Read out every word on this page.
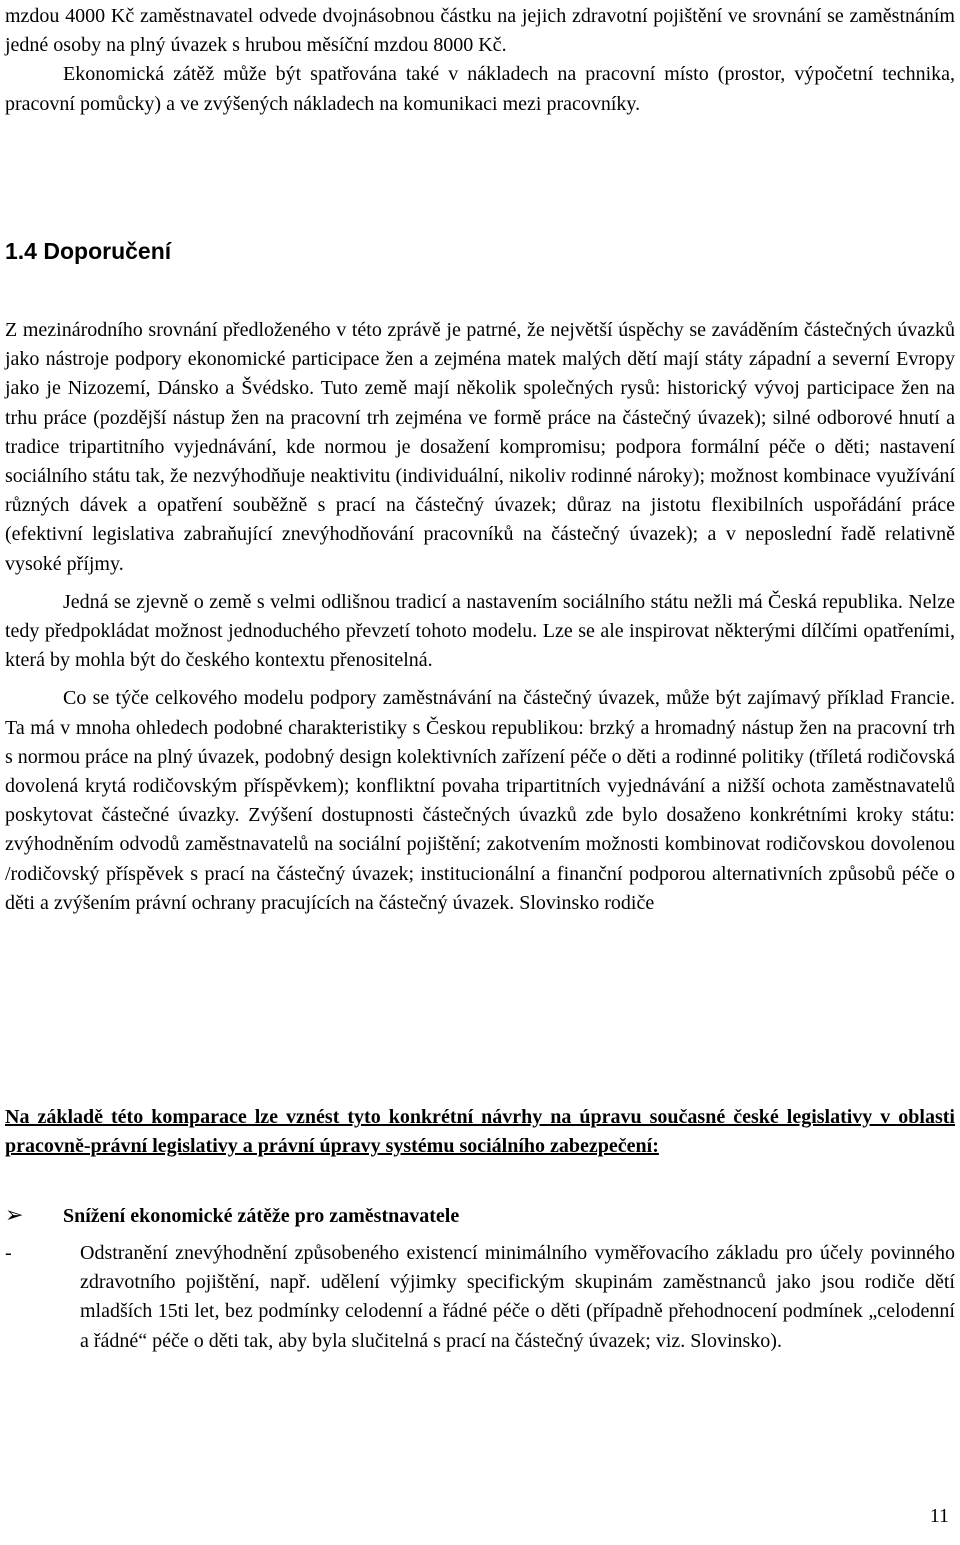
mzdou 4000 Kč zaměstnavatel odvede dvojnásobnou částku na jejich zdravotní pojištění ve srovnání se zaměstnáním jedné osoby na plný úvazek s hrubou měsíční mzdou 8000 Kč.

Ekonomická zátěž může být spatřována také v nákladech na pracovní místo (prostor, výpočetní technika, pracovní pomůcky) a ve zvýšených nákladech na komunikaci mezi pracovníky.

1.4 Doporučení

Z mezinárodního srovnání předloženého v této zprávě je patrné, že největší úspěchy se zaváděním částečných úvazků jako nástroje podpory ekonomické participace žen a zejména matek malých dětí mají státy západní a severní Evropy jako je Nizozemí, Dánsko a Švédsko. Tuto země mají několik společných rysů: historický vývoj participace žen na trhu práce (pozdější nástup žen na pracovní trh zejména ve formě práce na částečný úvazek); silné odborové hnutí a tradice tripartitního vyjednávání, kde normou je dosažení kompromisu; podpora formální péče o děti; nastavení sociálního státu tak, že nezvýhodňuje neaktivitu (individuální, nikoliv rodinné nároky); možnost kombinace využívání různých dávek a opatření souběžně s prací na částečný úvazek; důraz na jistotu flexibilních uspořádání práce (efektivní legislativa zabraňující znevýhodňování pracovníků na částečný úvazek); a v neposlední řadě relativně vysoké příjmy.

Jedná se zjevně o země s velmi odlišnou tradicí a nastavením sociálního státu nežli má Česká republika. Nelze tedy předpokládat možnost jednoduchého převzetí tohoto modelu. Lze se ale inspirovat některými dílčími opatřeními, která by mohla být do českého kontextu přenositelná.

Co se týče celkového modelu podpory zaměstnávání na částečný úvazek, může být zajímavý příklad Francie. Ta má v mnoha ohledech podobné charakteristiky s Českou republikou: brzký a hromadný nástup žen na pracovní trh s normou práce na plný úvazek, podobný design kolektivních zařízení péče o děti a rodinné politiky (tříletá rodičovská dovolená krytá rodičovským příspěvkem); konfliktní povaha tripartitních vyjednávání a nižší ochota zaměstnavatelů poskytovat částečné úvazky. Zvýšení dostupnosti částečných úvazků zde bylo dosaženo konkrétními kroky státu: zvýhodněním odvodů zaměstnavatelů na sociální pojištění; zakotvením možnosti kombinovat rodičovskou dovolenou /rodičovský příspěvek s prací na částečný úvazek; institucionální a finanční podporou alternativních způsobů péče o děti a zvýšením právní ochrany pracujících na částečný úvazek. Slovinsko rodiče

Na základě této komparace lze vznést tyto konkrétní návrhy na úpravu současné české legislativy v oblasti pracovně-právní legislativy a právní úpravy systému sociálního zabezpečení:

➢	Snížení ekonomické zátěže pro zaměstnavatele
-	Odstranění znevýhodnění způsobeného existencí minimálního vyměřovacího základu pro účely povinného zdravotního pojištění, např. udělení výjimky specifickým skupinám zaměstnanců jako jsou rodiče dětí mladších 15ti let, bez podmínky celodenní a řádné péče o děti (případně přehodnocení podmínek „celodenní a řádné“ péče o děti tak, aby byla slučitelná s prací na částečný úvazek; viz. Slovinsko).

11
